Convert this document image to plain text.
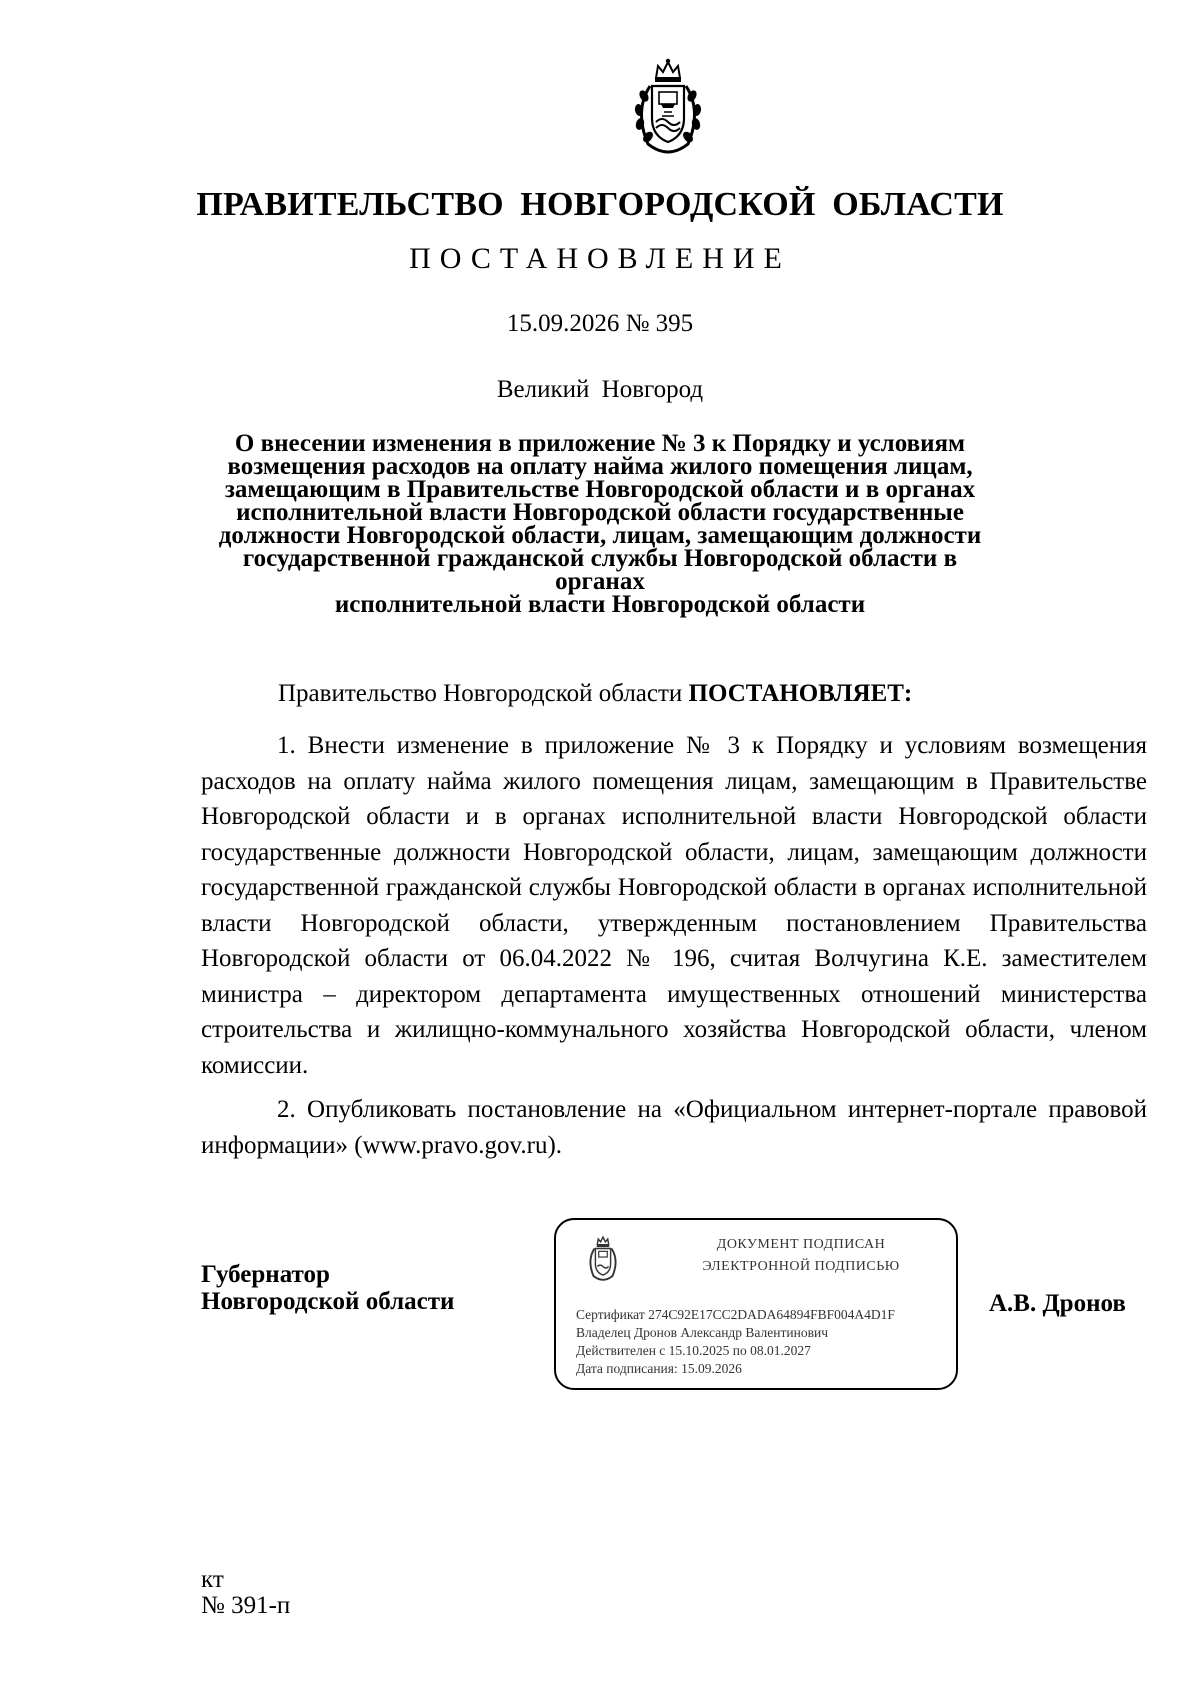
ПРАВИТЕЛЬСТВО НОВГОРОДСКОЙ ОБЛАСТИ
ПОСТАНОВЛЕНИЕ
15.09.2026 № 395
Великий Новгород
О внесении изменения в приложение № 3 к Порядку и условиям
возмещения расходов на оплату найма жилого помещения лицам,
замещающим в Правительстве Новгородской области и в органах
исполнительной власти Новгородской области государственные
должности Новгородской области, лицам, замещающим должности
государственной гражданской службы Новгородской области в органах
исполнительной власти Новгородской области
Правительство Новгородской области ПОСТАНОВЛЯЕТ:
1. Внести изменение в приложение № 3 к Порядку и условиям возмещения расходов на оплату найма жилого помещения лицам, замещающим в Правительстве Новгородской области и в органах исполнительной власти Новгородской области государственные должности Новгородской области, лицам, замещающим должности государственной гражданской службы Новгородской области в органах исполнительной власти Новгородской области, утвержденным постановлением Правительства Новгородской области от 06.04.2022 № 196, считая Волчугина К.Е. заместителем министра – директором департамента имущественных отношений министерства строительства и жилищно-коммунального хозяйства Новгородской области, членом комиссии.
2. Опубликовать постановление на «Официальном интернет-портале правовой информации» (www.pravo.gov.ru).
Губернатор
Новгородской области
ДОКУМЕНТ ПОДПИСАН
ЭЛЕКТРОННОЙ ПОДПИСЬЮ
Сертификат 274C92E17CC2DADA64894FBF004A4D1F
Владелец Дронов Александр Валентинович
Действителен с 15.10.2025 по 08.01.2027
Дата подписания: 15.09.2026
А.В. Дронов
кт
№ 391-п
